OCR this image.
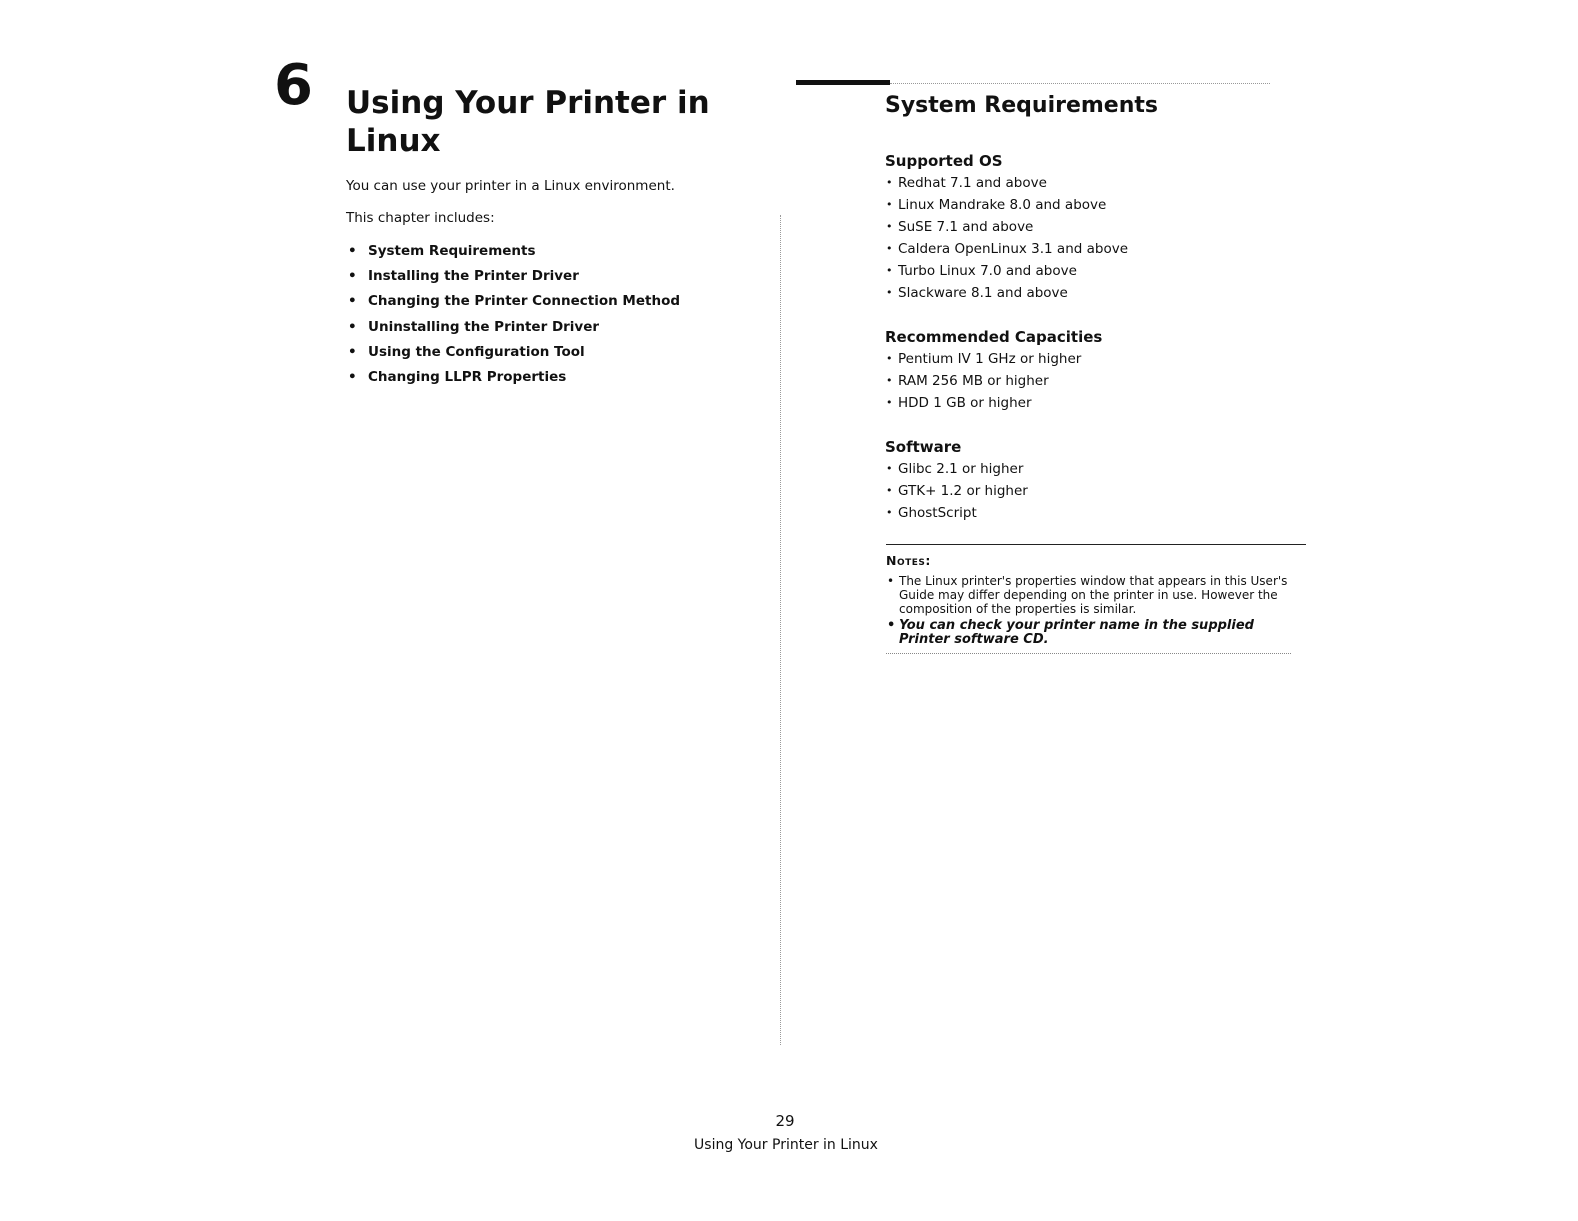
6 Using Your Printer in Linux

You can use your printer in a Linux environment.

This chapter includes:

• System Requirements
• Installing the Printer Driver
• Changing the Printer Connection Method
• Uninstalling the Printer Driver
• Using the Configuration Tool
• Changing LLPR Properties
System Requirements
Supported OS
• Redhat 7.1 and above
• Linux Mandrake 8.0 and above
• SuSE 7.1 and above
• Caldera OpenLinux 3.1 and above
• Turbo Linux 7.0 and above
• Slackware 8.1 and above
Recommended Capacities
• Pentium IV 1 GHz or higher
• RAM 256 MB or higher
• HDD 1 GB or higher
Software
• Glibc 2.1 or higher
• GTK+ 1.2 or higher
• GhostScript
Notes:
• The Linux printer's properties window that appears in this User's Guide may differ depending on the printer in use. However the composition of the properties is similar.
• You can check your printer name in the supplied Printer software CD.
29
Using Your Printer in Linux
